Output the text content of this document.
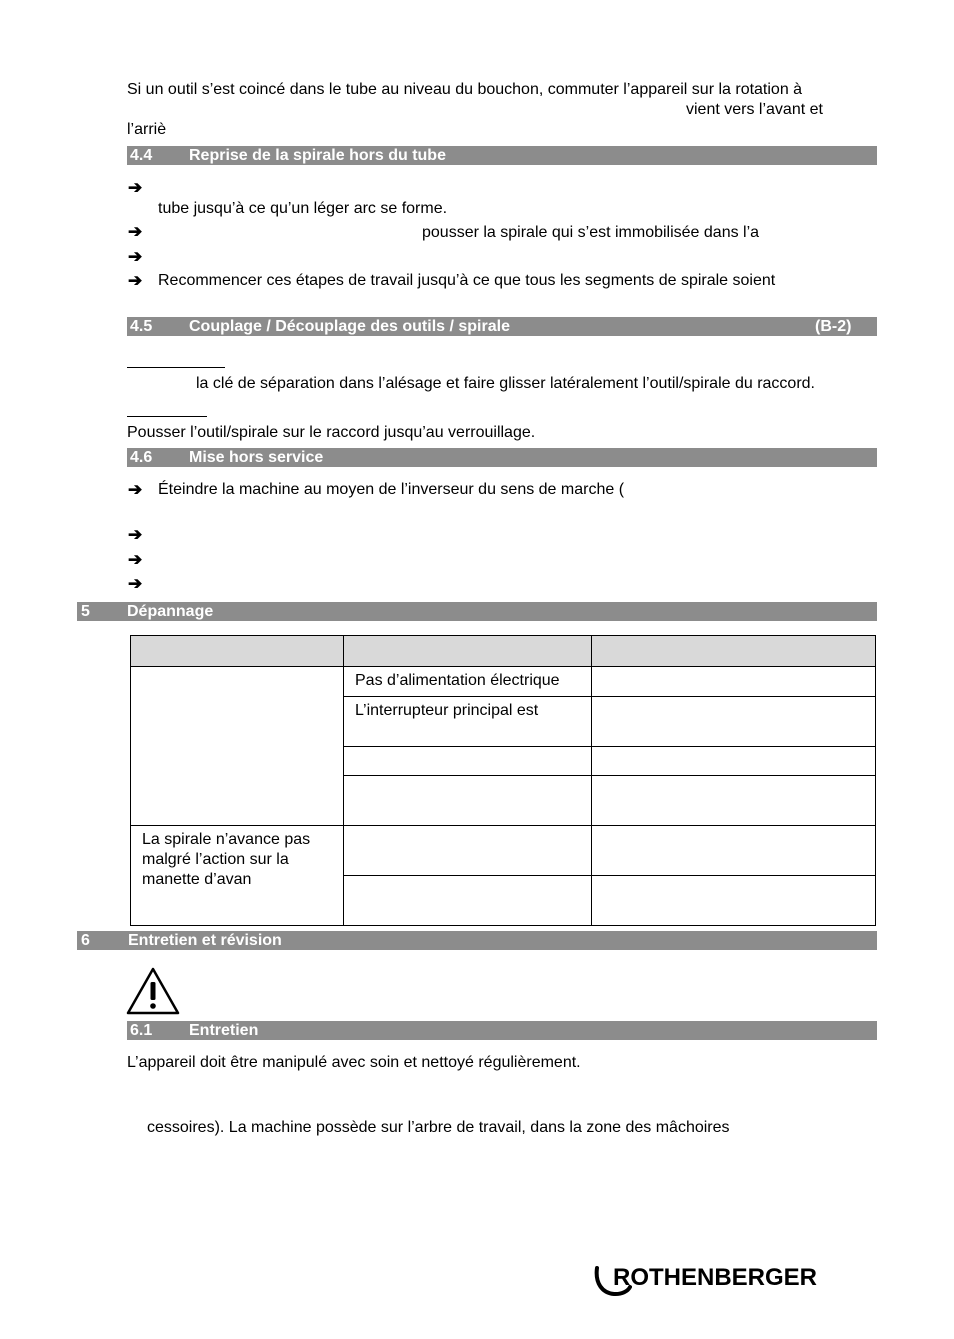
Si un outil s’est coincé dans le tube au niveau du bouchon, commuter l’appareil sur la rotation à
vient vers l’avant et
l’arriè
4.4 Reprise de la spirale hors du tube
➔
tube jusqu’à ce qu’un léger arc se forme.
➔	pousser la spirale qui s’est immobilisée dans l’a
➔
➔ Recommencer ces étapes de travail jusqu’à ce que tous les segments de spirale soient
4.5 Couplage / Découplage des outils / spirale	(B-2)
la clé de séparation dans l’alésage et faire glisser latéralement l’outil/spirale du raccord.
Pousser l’outil/spirale sur le raccord jusqu’au verrouillage.
4.6 Mise hors service
➔ Éteindre la machine au moyen de l’inverseur du sens de marche (
➔
➔
➔
5 Dépannage
Pas d’alimentation électrique
L’interrupteur principal est
La spirale n’avance pas
malgré l’action sur la
manette d’avan
6 Entretien et révision
6.1 Entretien
L’appareil doit être manipulé avec soin et nettoyé régulièrement.
cessoires). La machine possède sur l’arbre de travail, dans la zone des mâchoires
ROTHENBERGER
